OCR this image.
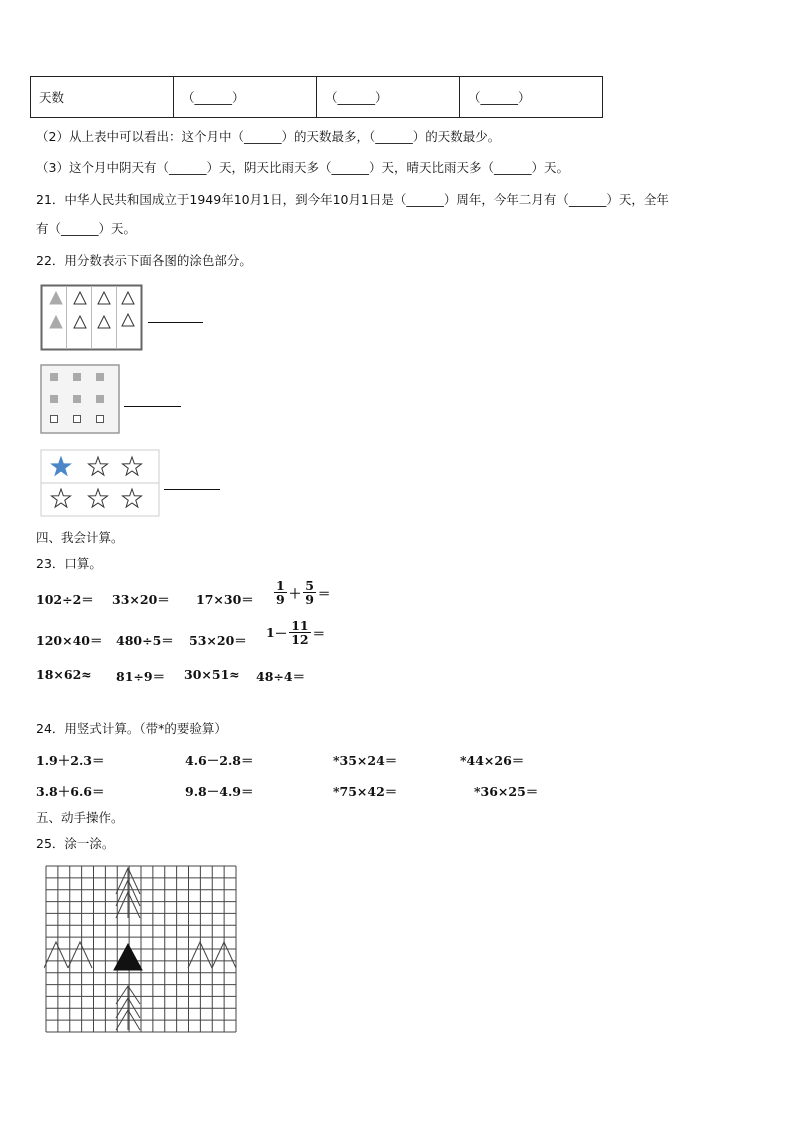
天数	（______）	（______）	（______）
（2）从上表中可以看出：这个月中（______）的天数最多，（______）的天数最少。
（3）这个月中阴天有（______）天，阴天比雨天多（______）天，晴天比雨天多（______）天。
21．中华人民共和国成立于1949年10月1日，到今年10月1日是（______）周年，今年二月有（______）天，全年
有（______）天。
22．用分数表示下面各图的涂色部分。
四、我会计算。
23．口算。
$102\div 2= 33\times 20= 17\times 30= \frac{1}{9} + \frac{5}{9}$ ＝
120×40＝ 480÷5＝ 53×20＝
$1 - \frac{11}{12}$ ＝
18×62≈ 81÷9＝ 30×51≈ 48÷4＝
24．用竖式计算。（带*的要验算）
1.9＋2.3＝	4.6－2.8＝	*35×24＝	*44×26＝
3.8＋6.6＝	9.8－4.9＝	*75×42＝	*36×25＝
五、动手操作。
25．涂一涂。
